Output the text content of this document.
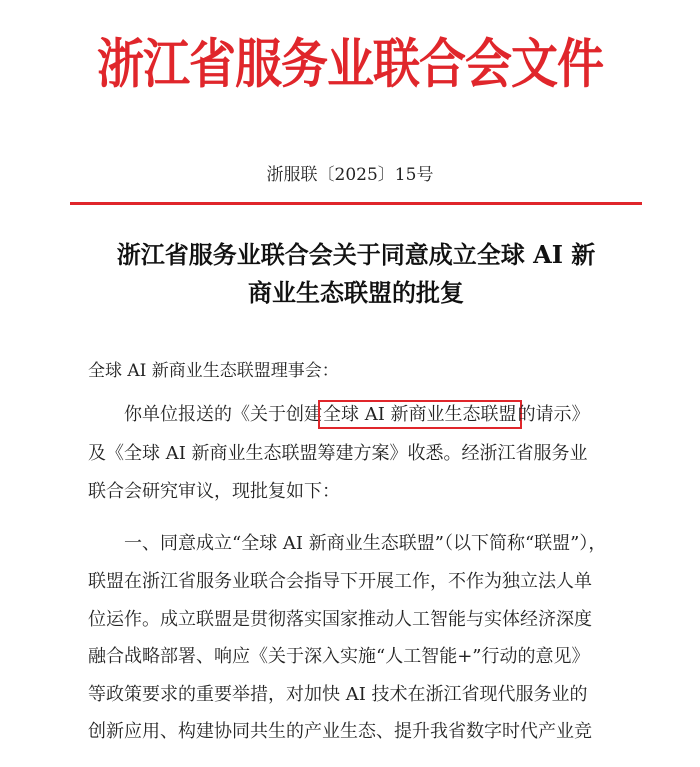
浙江省服务业联合会文件
浙服联〔2025〕15号
浙江省服务业联合会关于同意成立全球 AI 新
商业生态联盟的批复
全球 AI 新商业生态联盟理事会：
你单位报送的《关于创建全球 AI 新商业生态联盟的请示》
及《全球 AI 新商业生态联盟筹建方案》收悉。经浙江省服务业
联合会研究审议，现批复如下：
一、同意成立“全球 AI 新商业生态联盟”（以下简称“联盟”），
联盟在浙江省服务业联合会指导下开展工作，不作为独立法人单
位运作。成立联盟是贯彻落实国家推动人工智能与实体经济深度
融合战略部署、响应《关于深入实施“人工智能+”行动的意见》
等政策要求的重要举措，对加快 AI 技术在浙江省现代服务业的
创新应用、构建协同共生的产业生态、提升我省数字时代产业竞
